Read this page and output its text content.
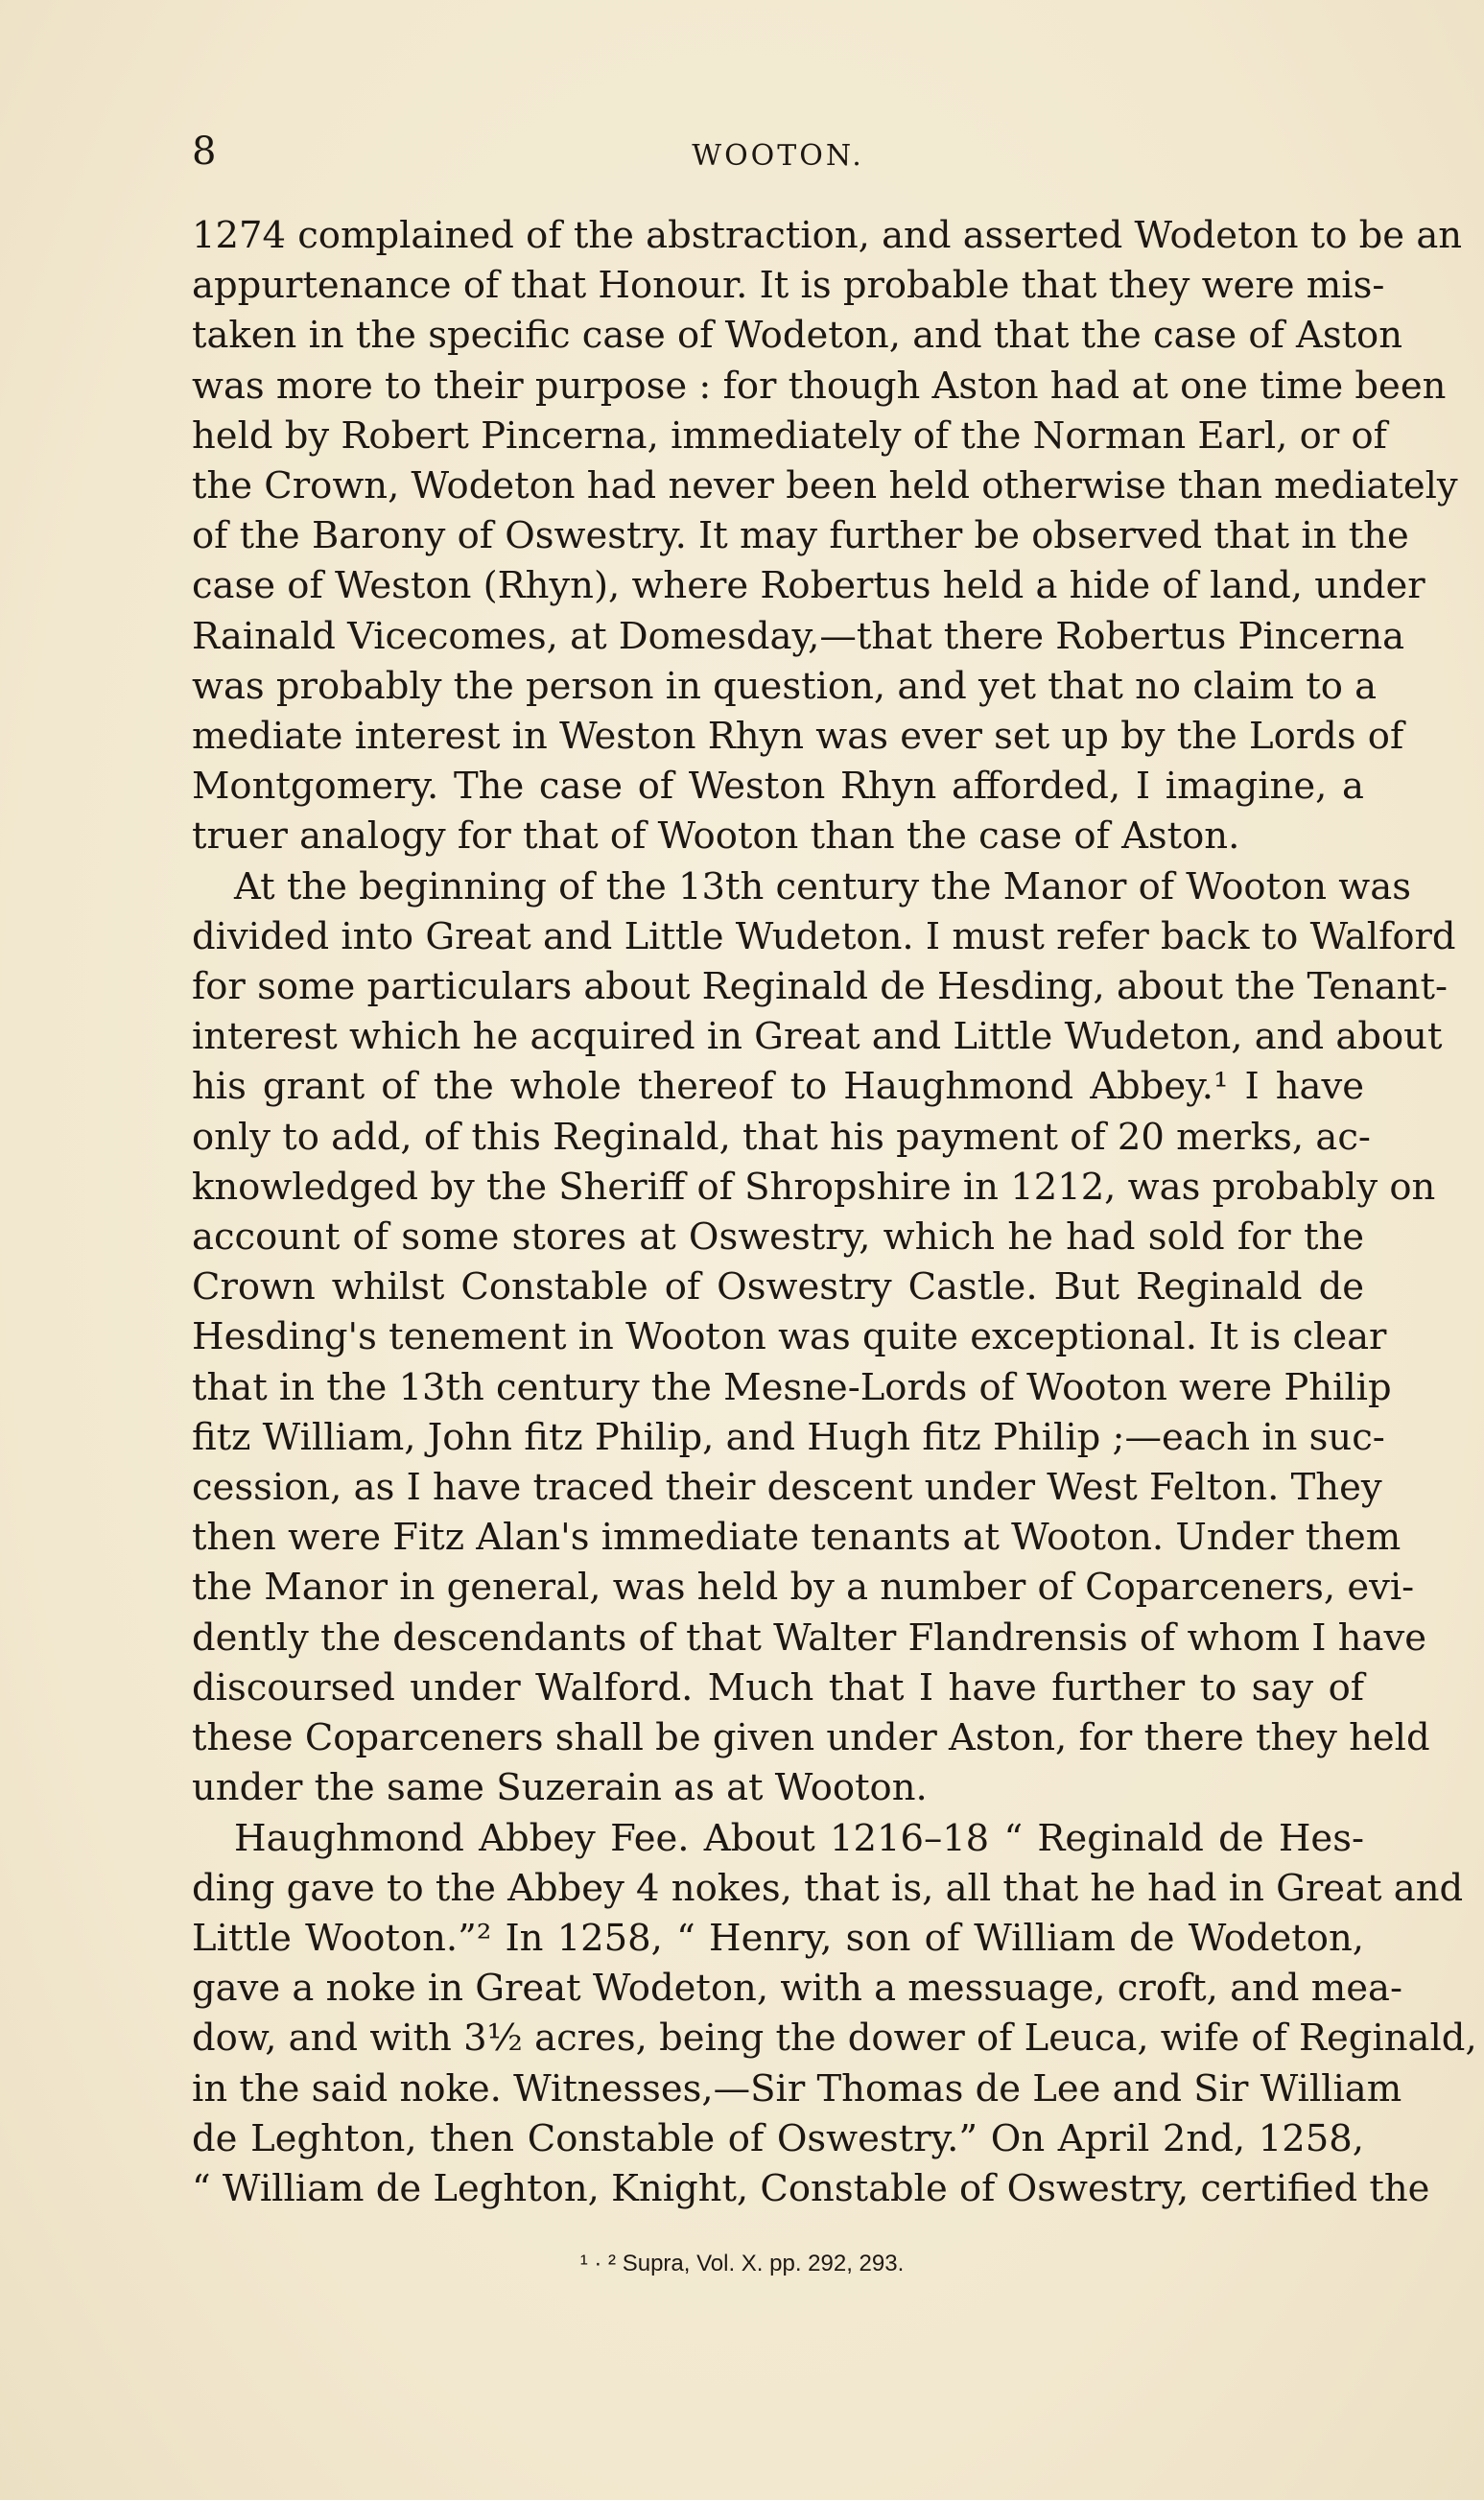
8	WOOTON.
1274 complained of the abstraction, and asserted Wodeton to be an
appurtenance of that Honour. It is probable that they were mis-
taken in the specific case of Wodeton, and that the case of Aston
was more to their purpose : for though Aston had at one time been
held by Robert Pincerna, immediately of the Norman Earl, or of
the Crown, Wodeton had never been held otherwise than mediately
of the Barony of Oswestry. It may further be observed that in the
case of Weston (Rhyn), where Robertus held a hide of land, under
Rainald Vicecomes, at Domesday,—that there Robertus Pincerna
was probably the person in question, and yet that no claim to a
mediate interest in Weston Rhyn was ever set up by the Lords of
Montgomery. The case of Weston Rhyn afforded, I imagine, a
truer analogy for that of Wooton than the case of Aston.
At the beginning of the 13th century the Manor of Wooton was
divided into Great and Little Wudeton. I must refer back to Walford
for some particulars about Reginald de Hesding, about the Tenant-
interest which he acquired in Great and Little Wudeton, and about
his grant of the whole thereof to Haughmond Abbey.¹ I have
only to add, of this Reginald, that his payment of 20 merks, ac-
knowledged by the Sheriff of Shropshire in 1212, was probably on
account of some stores at Oswestry, which he had sold for the
Crown whilst Constable of Oswestry Castle. But Reginald de
Hesding's tenement in Wooton was quite exceptional. It is clear
that in the 13th century the Mesne-Lords of Wooton were Philip
fitz William, John fitz Philip, and Hugh fitz Philip ;—each in suc-
cession, as I have traced their descent under West Felton. They
then were Fitz Alan's immediate tenants at Wooton. Under them
the Manor in general, was held by a number of Coparceners, evi-
dently the descendants of that Walter Flandrensis of whom I have
discoursed under Walford. Much that I have further to say of
these Coparceners shall be given under Aston, for there they held
under the same Suzerain as at Wooton.
Haughmond Abbey Fee. About 1216–18 “ Reginald de Hes-
ding gave to the Abbey 4 nokes, that is, all that he had in Great and
Little Wooton.”² In 1258, “ Henry, son of William de Wodeton,
gave a noke in Great Wodeton, with a messuage, croft, and mea-
dow, and with 3½ acres, being the dower of Leuca, wife of Reginald,
in the said noke. Witnesses,—Sir Thomas de Lee and Sir William
de Leghton, then Constable of Oswestry.” On April 2nd, 1258,
“ William de Leghton, Knight, Constable of Oswestry, certified the
¹ · ² Supra, Vol. X. pp. 292, 293.
